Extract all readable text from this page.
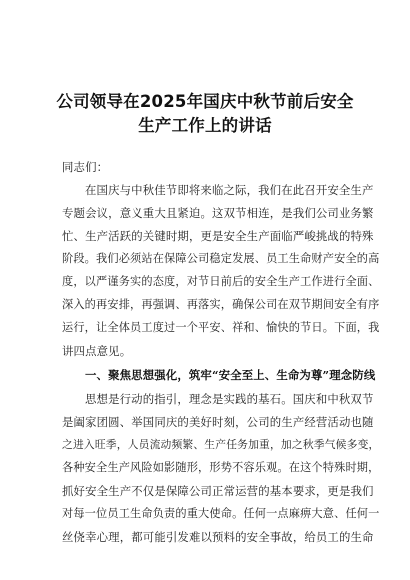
公司领导在2025年国庆中秋节前后安全
生产工作上的讲话
同志们：
在国庆与中秋佳节即将来临之际，我们在此召开安全生产
专题会议，意义重大且紧迫。这双节相连，是我们公司业务繁
忙、生产活跃的关键时期，更是安全生产面临严峻挑战的特殊
阶段。我们必须站在保障公司稳定发展、员工生命财产安全的高
度，以严谨务实的态度，对节日前后的安全生产工作进行全面、
深入的再安排，再强调、再落实，确保公司在双节期间安全有序
运行，让全体员工度过一个平安、祥和、愉快的节日。下面，我
讲四点意见。
一、聚焦思想强化，筑牢“安全至上、生命为尊”理念防线
思想是行动的指引，理念是实践的基石。国庆和中秋双节
是阖家团圆、举国同庆的美好时刻，公司的生产经营活动也随
之进入旺季，人员流动频繁、生产任务加重，加之秋季气候多变，
各种安全生产风险如影随形，形势不容乐观。在这个特殊时期，
抓好安全生产不仅是保障公司正常运营的基本要求，更是我们
对每一位员工生命负责的重大使命。任何一点麻痹大意、任何一
丝侥幸心理，都可能引发难以预料的安全事故，给员工的生命
